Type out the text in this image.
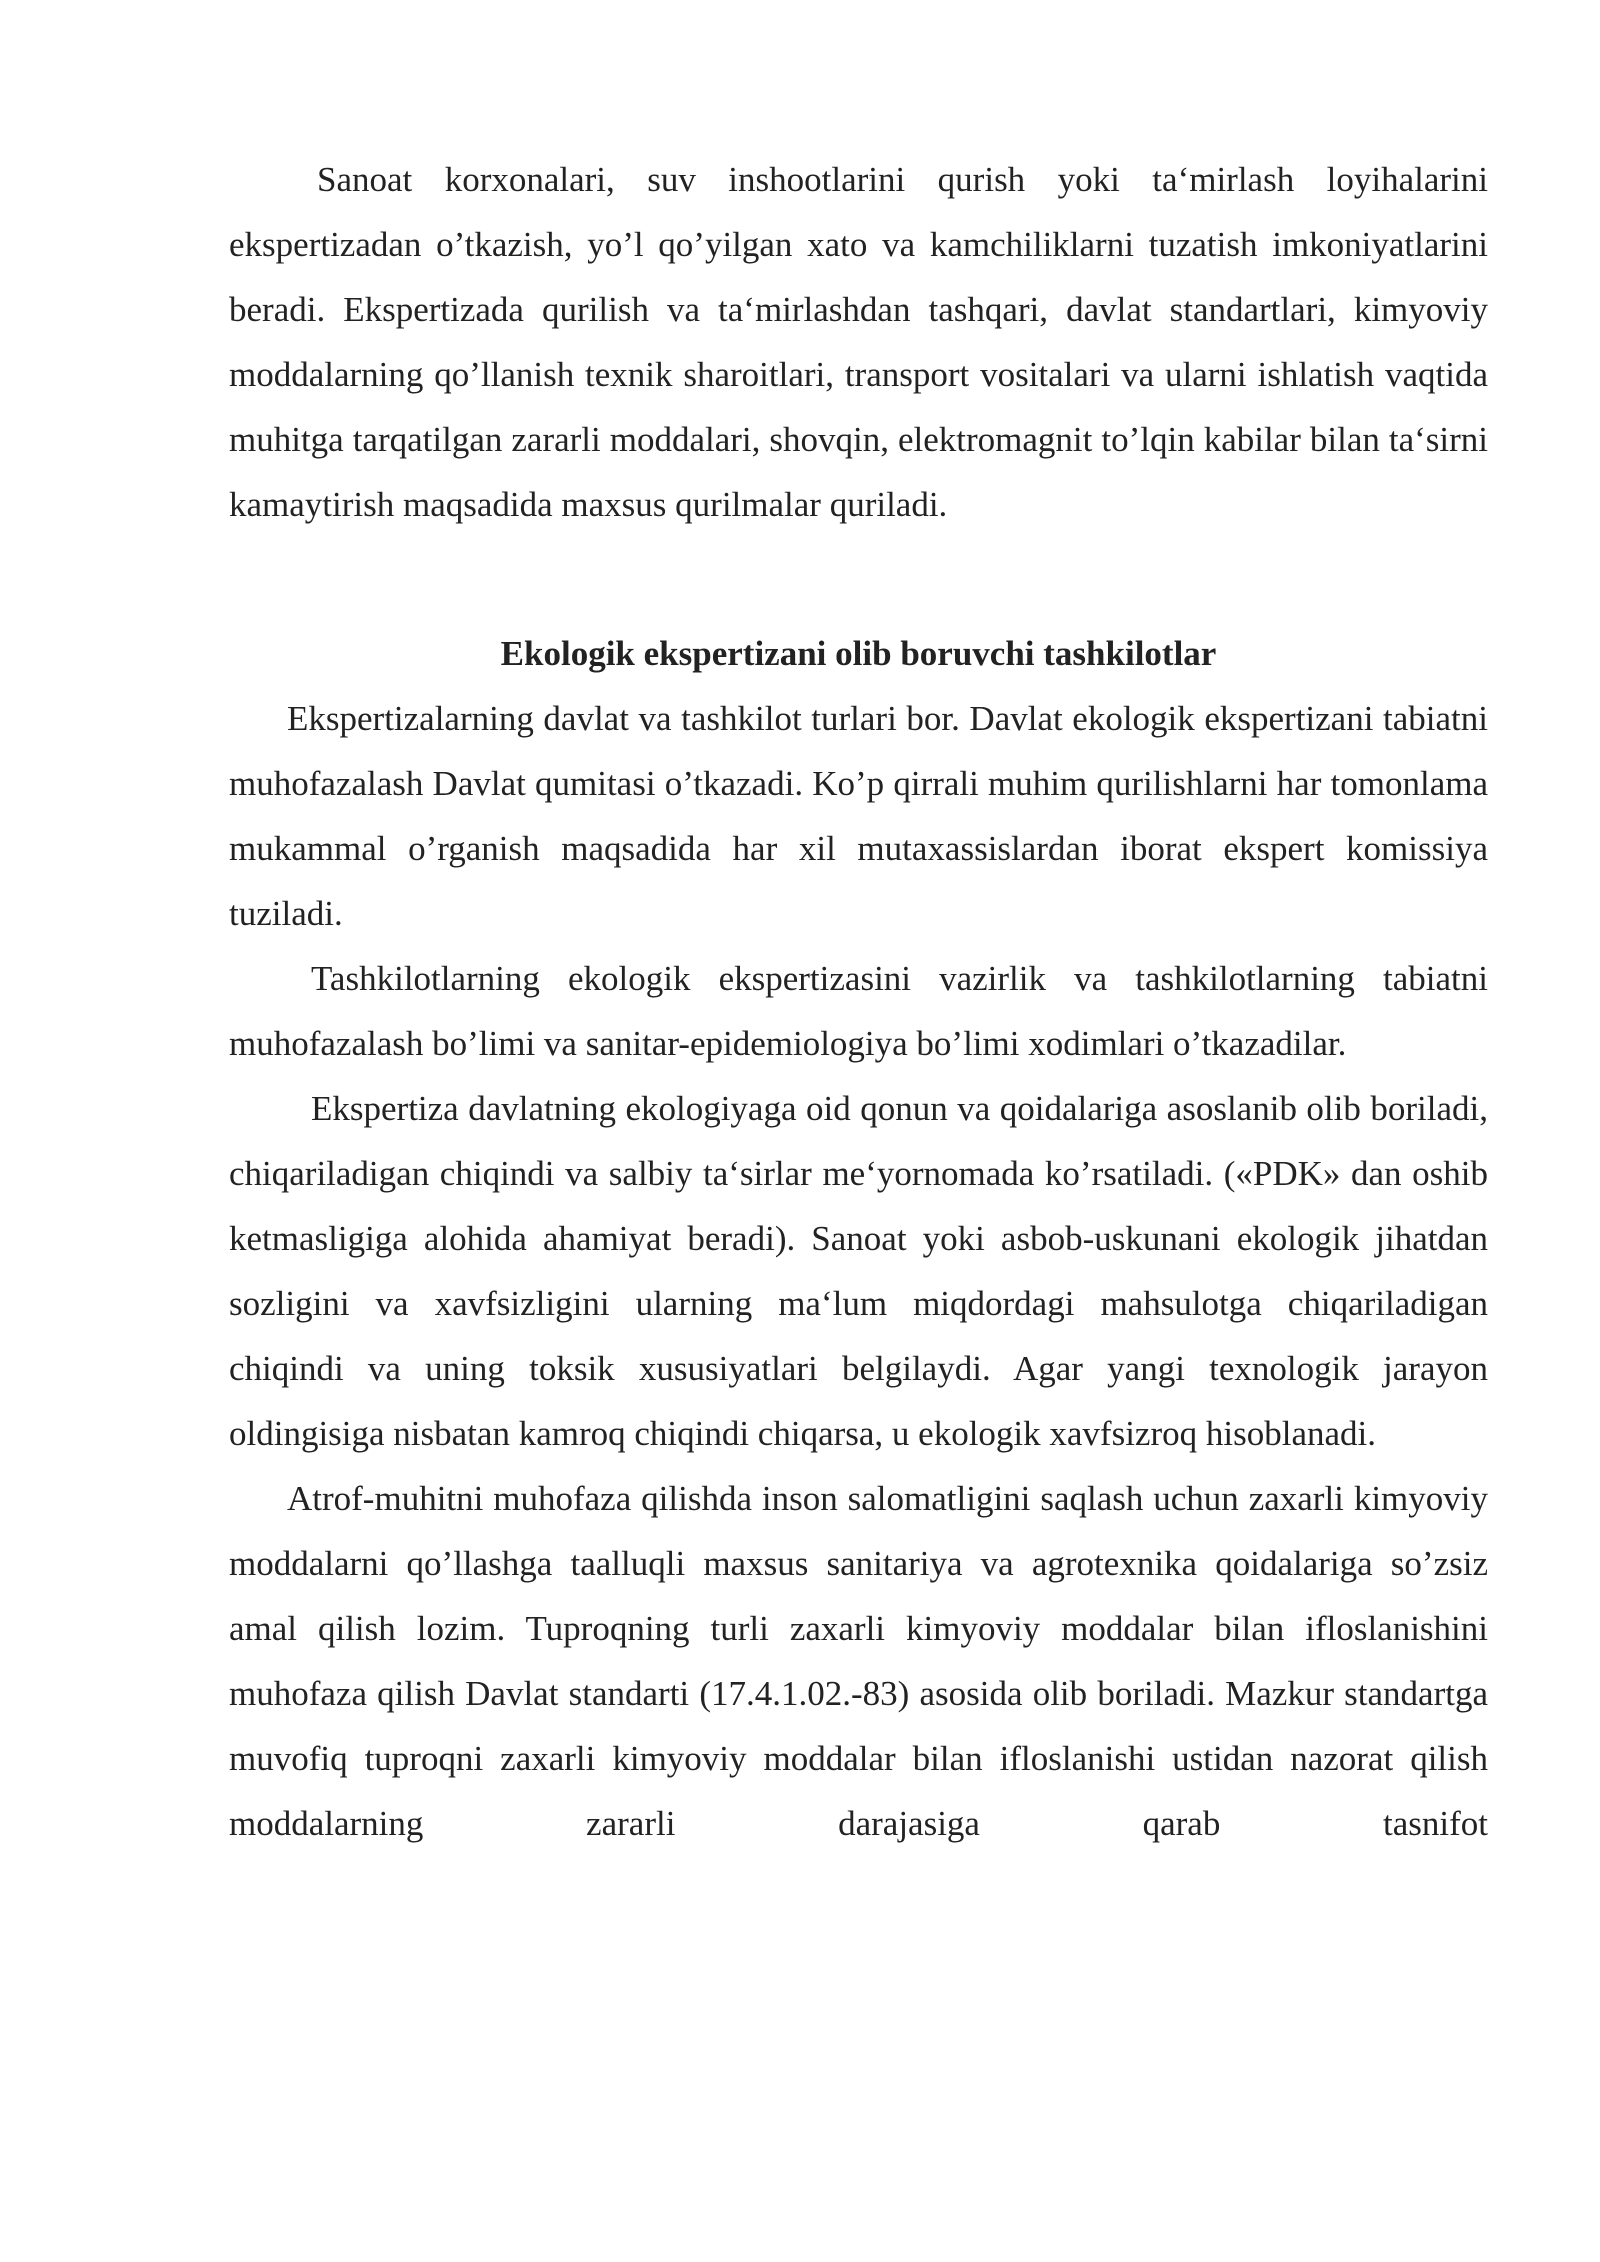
Sanoat korxonalari, suv inshootlarini qurish yoki ta‘mirlash loyihalarini ekspertizadan o’tkazish, yo’l qo’yilgan xato va kamchiliklarni tuzatish imkoniyatlarini beradi. Ekspertizada qurilish va ta‘mirlashdan tashqari, davlat standartlari, kimyoviy moddalarning qo’llanish texnik sharoitlari, transport vositalari va ularni ishlatish vaqtida muhitga tarqatilgan zararli moddalari, shovqin, elektromagnit to’lqin kabilar bilan ta‘sirni kamaytirish maqsadida maxsus qurilmalar quriladi.

Ekologik ekspertizani olib boruvchi tashkilotlar

Ekspertizalarning davlat va tashkilot turlari bor. Davlat ekologik ekspertizani tabiatni muhofazalash Davlat qumitasi o’tkazadi. Ko’p qirrali muhim qurilishlarni har tomonlama mukammal o’rganish maqsadida har xil mutaxassislardan iborat ekspert komissiya tuziladi.

Tashkilotlarning ekologik ekspertizasini vazirlik va tashkilotlarning tabiatni muhofazalash bo’limi va sanitar-epidemiologiya bo’limi xodimlari o’tkazadilar.

Ekspertiza davlatning ekologiyaga oid qonun va qoidalariga asoslanib olib boriladi, chiqariladigan chiqindi va salbiy ta‘sirlar me‘yornomada ko’rsatiladi. («PDK» dan oshib ketmasligiga alohida ahamiyat beradi). Sanoat yoki asbob-uskunani ekologik jihatdan sozligini va xavfsizligini ularning ma‘lum miqdordagi mahsulotga chiqariladigan chiqindi va uning toksik xususiyatlari belgilaydi. Agar yangi texnologik jarayon oldingisiga nisbatan kamroq chiqindi chiqarsa, u ekologik xavfsizroq hisoblanadi.

Atrof-muhitni muhofaza qilishda inson salomatligini saqlash uchun zaxarli kimyoviy moddalarni qo’llashga taalluqli maxsus sanitariya va agrotexnika qoidalariga so’zsiz amal qilish lozim. Tuproqning turli zaxarli kimyoviy moddalar bilan ifloslanishini muhofaza qilish Davlat standarti (17.4.1.02.-83) asosida olib boriladi. Mazkur standartga muvofiq tuproqni zaxarli kimyoviy moddalar bilan ifloslanishi ustidan nazorat qilish moddalarning zararli darajasiga qarab tasnifot
